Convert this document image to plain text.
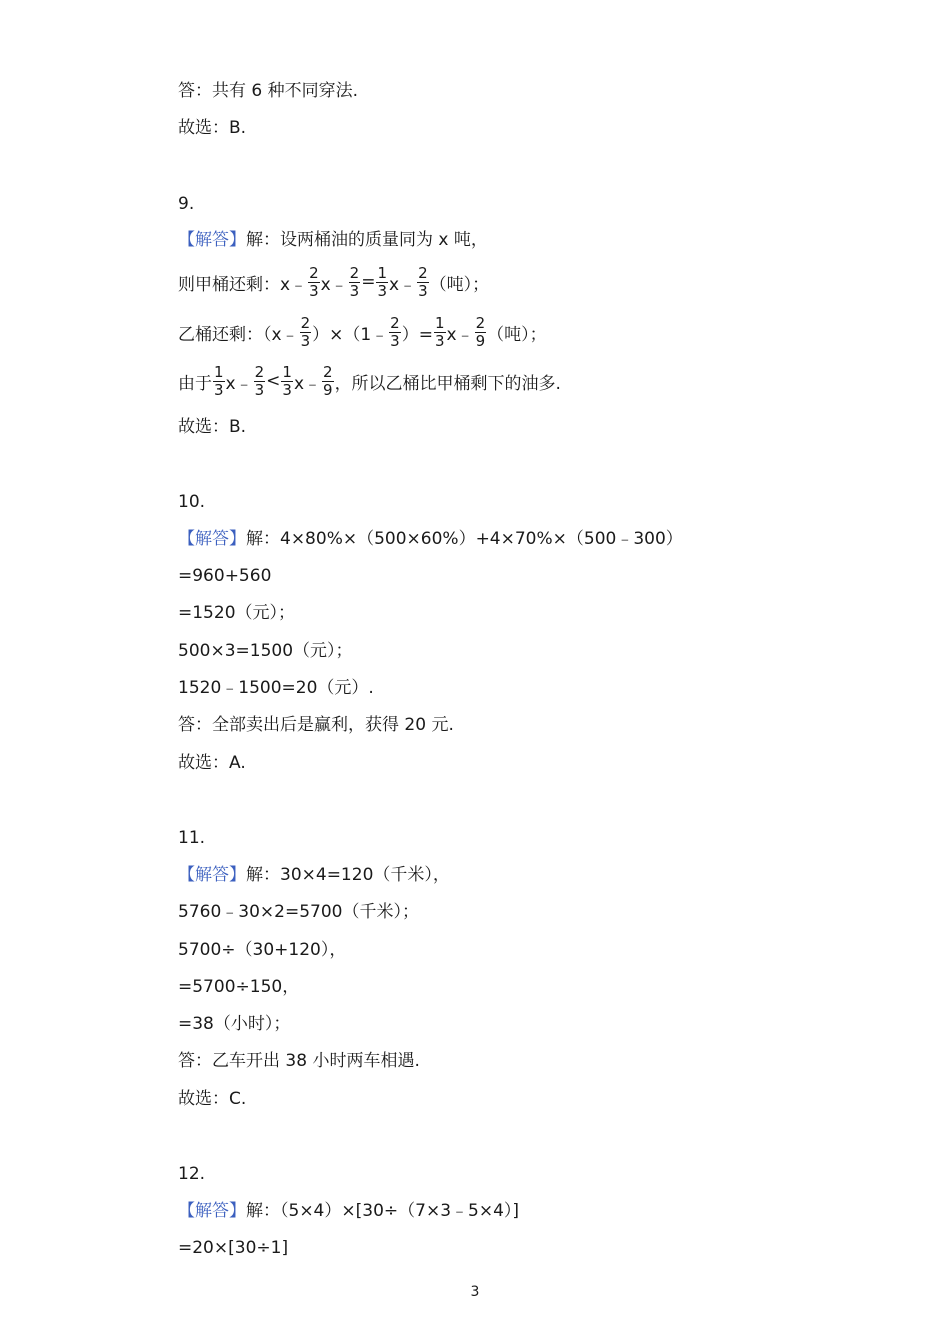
答：共有 6 种不同穿法.
故选：B.
9.
【解答】解：设两桶油的质量同为 x 吨，
则甲桶还剩：x﹣ $\frac{2}{3}$ x﹣ $\frac{2}{3} = \frac{1}{3}$ x﹣ $\frac{2}{3}$ （吨）；
乙桶还剩：（x﹣ $\frac{2}{3}$ ）×（1﹣ $\frac{2}{3}$ ）= $\frac{1}{3}$ x﹣ $\frac{2}{9}$ （吨）；
由于 $\frac{1}{3}$ x﹣ $\frac{2}{3} < \frac{1}{3}$ x﹣ $\frac{2}{9}$ ，所以乙桶比甲桶剩下的油多.
故选：B.
10.
【解答】解：4×80%×（500×60%）+4×70%×（500﹣300）
=960+560
=1520（元）；
500×3=1500（元）；
1520﹣1500=20（元）.
答：全部卖出后是赢利，获得 20 元.
故选：A.
11.
【解答】解：30×4=120（千米），
5760﹣30×2=5700（千米）；
5700÷（30+120），
=5700÷150，
=38（小时）；
答：乙车开出 38 小时两车相遇.
故选：C.
12.
【解答】解：（5×4）×[30÷（7×3﹣5×4）]
=20×[30÷1]
3
